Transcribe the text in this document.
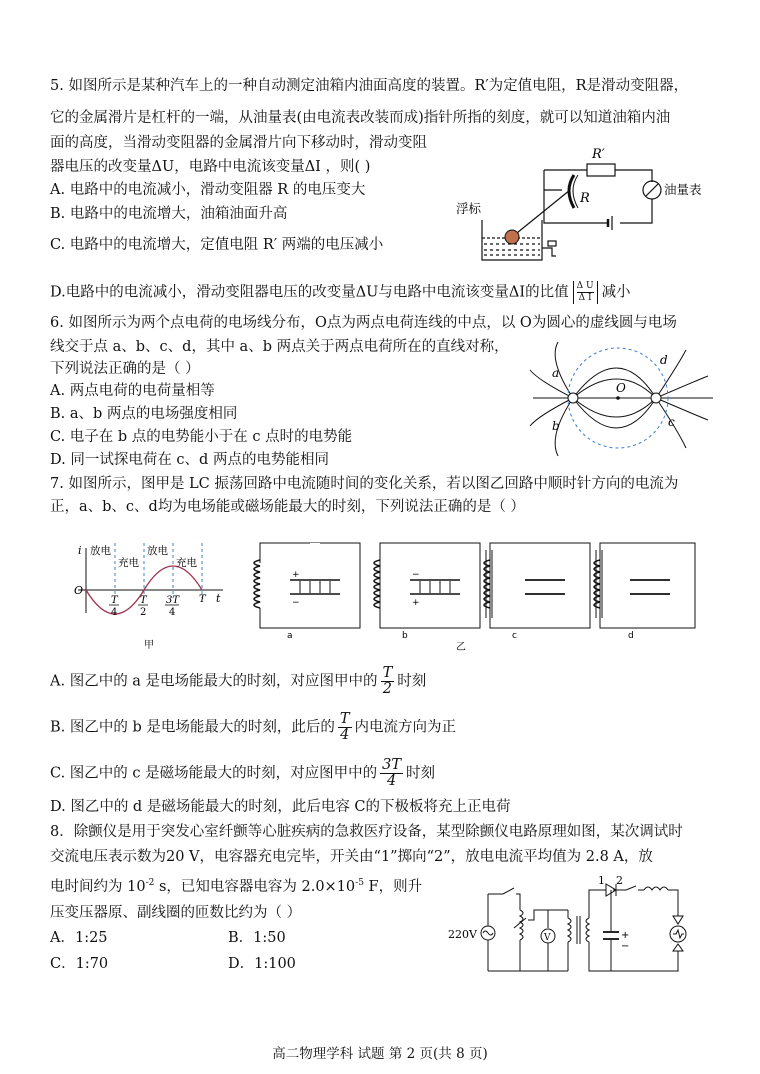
5. 如图所示是某种汽车上的一种自动测定油箱内油面高度的装置。R′为定值电阻，R是滑动变阻器，
它的金属滑片是杠杆的一端，从油量表(由电流表改装而成)指针所指的刻度，就可以知道油箱内油
面的高度，当滑动变阻器的金属滑片向下移动时，滑动变阻
器电压的改变量ΔU，电路中电流该变量ΔI ，则( )
A. 电路中的电流减小，滑动变阻器 R 的电压变大
B. 电路中的电流增大，油箱油面升高
C. 电路中的电流增大，定值电阻 R′ 两端的电压减小
D.电路中的电流减小，滑动变阻器电压的改变量ΔU与电路中电流该变量ΔI的比值 $\frac{\text{Δ U}}{\text{Δ I}}$ 减小
R′
R
浮标
油量表
6. 如图所示为两个点电荷的电场线分布，O点为两点电荷连线的中点，以 O为圆心的虚线圆与电场
线交于点 a、b、c、d，其中 a、b 两点关于两点电荷所在的直线对称，
下列说法正确的是（ ）
A. 两点电荷的电荷量相等
B. a、b 两点的电场强度相同
C. 电子在 b 点的电势能小于在 c 点时的电势能
D. 同一试探电荷在 c、d 两点的电势能相同
O
a
b	c
d
7. 如图所示，图甲是 LC 振荡回路中电流随时间的变化关系，若以图乙回路中顺时针方向的电流为
正，a、b、c、d均为电场能或磁场能最大的时刻，下列说法正确的是（ ）
i
t
O
放电
充电
放电
充电
T
4
T
2
3T
4
T
甲
+
−
−
+
a	b	c	d
乙
A. 图乙中的 a 是电场能最大的时刻，对应图甲中的 $\frac{T}{2}$ 时刻
B. 图乙中的 b 是电场能最大的时刻，此后的 $\frac{T}{4}$ 内电流方向为正
C. 图乙中的 c 是磁场能最大的时刻，对应图甲中的 $\frac{3T}{4}$ 时刻
D. 图乙中的 d 是磁场能最大的时刻，此后电容 C的下极板将充上正电荷
8．除颤仪是用于突发心室纤颤等心脏疾病的急救医疗设备，某型除颤仪电路原理如图，某次调试时
交流电压表示数为20 V，电容器充电完毕，开关由“1”掷向“2”，放电电流平均值为 2.8 A，放
电时间约为 $10^{-2}$ s，已知电容器电容为 $2.0\times 10^{-5}$ F，则升
压变压器原、副线圈的匝数比约为（ ）
A．1:25	B．1:50
C．1:70	D．1:100
220V	V
1 2
+
−
高二物理学科 试题 第 2 页(共 8 页)
